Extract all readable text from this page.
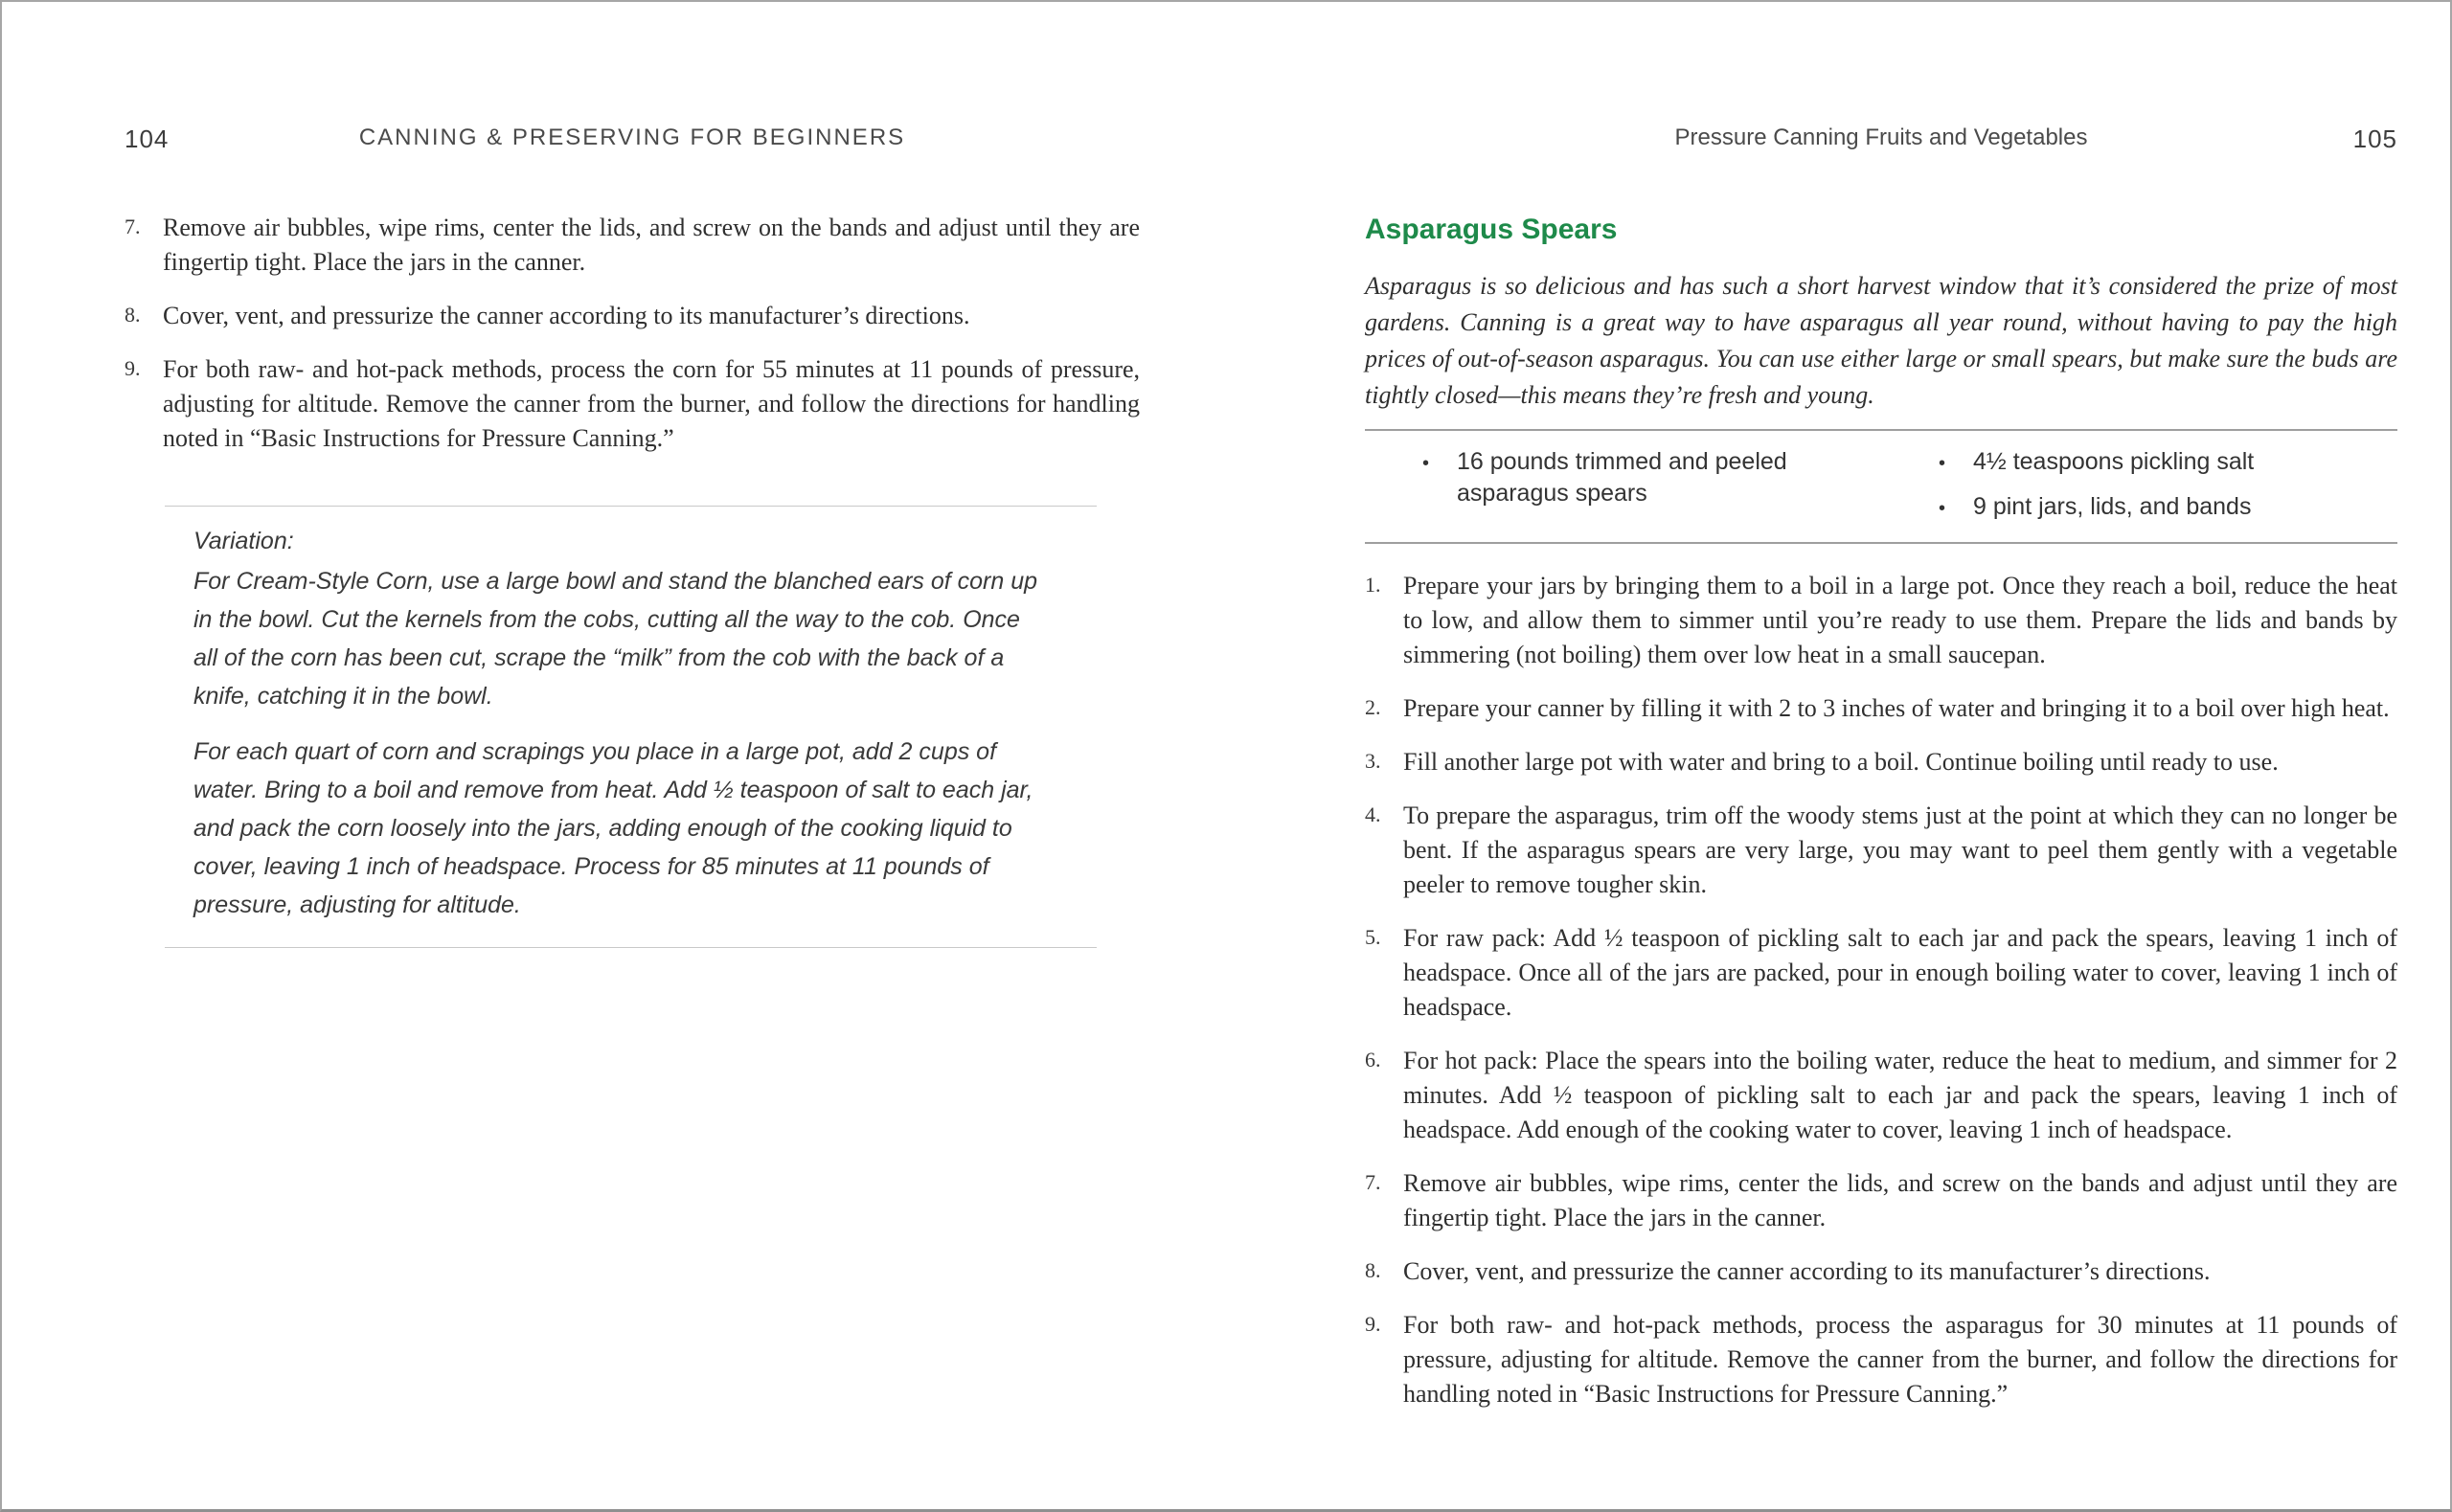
104	CANNING & PRESERVING FOR BEGINNERS
7. Remove air bubbles, wipe rims, center the lids, and screw on the bands and adjust until they are fingertip tight. Place the jars in the canner.

8. Cover, vent, and pressurize the canner according to its manufacturer’s directions.

9. For both raw- and hot-pack methods, process the corn for 55 minutes at 11 pounds of pressure, adjusting for altitude. Remove the canner from the burner, and follow the directions for handling noted in “Basic Instructions for Pressure Canning.”

Variation:

For Cream-Style Corn, use a large bowl and stand the blanched ears of corn up in the bowl. Cut the kernels from the cobs, cutting all the way to the cob. Once all of the corn has been cut, scrape the “milk” from the cob with the back of a knife, catching it in the bowl.

For each quart of corn and scrapings you place in a large pot, add 2 cups of water. Bring to a boil and remove from heat. Add ½ teaspoon of salt to each jar, and pack the corn loosely into the jars, adding enough of the cooking liquid to cover, leaving 1 inch of headspace. Process for 85 minutes at 11 pounds of pressure, adjusting for altitude.

Pressure Canning Fruits and Vegetables	105
Asparagus Spears

Asparagus is so delicious and has such a short harvest window that it’s considered the prize of most gardens. Canning is a great way to have asparagus all year round, without having to pay the high prices of out-of-season asparagus. You can use either large or small spears, but make sure the buds are tightly closed—this means they’re fresh and young.

•	16 pounds trimmed and peeled asparagus spears
•	4½ teaspoons pickling salt
•	9 pint jars, lids, and bands
1. Prepare your jars by bringing them to a boil in a large pot. Once they reach a boil, reduce the heat to low, and allow them to simmer until you’re ready to use them. Prepare the lids and bands by simmering (not boiling) them over low heat in a small saucepan.

2. Prepare your canner by filling it with 2 to 3 inches of water and bringing it to a boil over high heat.

3. Fill another large pot with water and bring to a boil. Continue boiling until ready to use.

4. To prepare the asparagus, trim off the woody stems just at the point at which they can no longer be bent. If the asparagus spears are very large, you may want to peel them gently with a vegetable peeler to remove tougher skin.

5. For raw pack: Add ½ teaspoon of pickling salt to each jar and pack the spears, leaving 1 inch of headspace. Once all of the jars are packed, pour in enough boiling water to cover, leaving 1 inch of headspace.

6. For hot pack: Place the spears into the boiling water, reduce the heat to medium, and simmer for 2 minutes. Add ½ teaspoon of pickling salt to each jar and pack the spears, leaving 1 inch of headspace. Add enough of the cooking water to cover, leaving 1 inch of headspace.

7. Remove air bubbles, wipe rims, center the lids, and screw on the bands and adjust until they are fingertip tight. Place the jars in the canner.

8. Cover, vent, and pressurize the canner according to its manufacturer’s directions.

9. For both raw- and hot-pack methods, process the asparagus for 30 minutes at 11 pounds of pressure, adjusting for altitude. Remove the canner from the burner, and follow the directions for handling noted in “Basic Instructions for Pressure Canning.”
